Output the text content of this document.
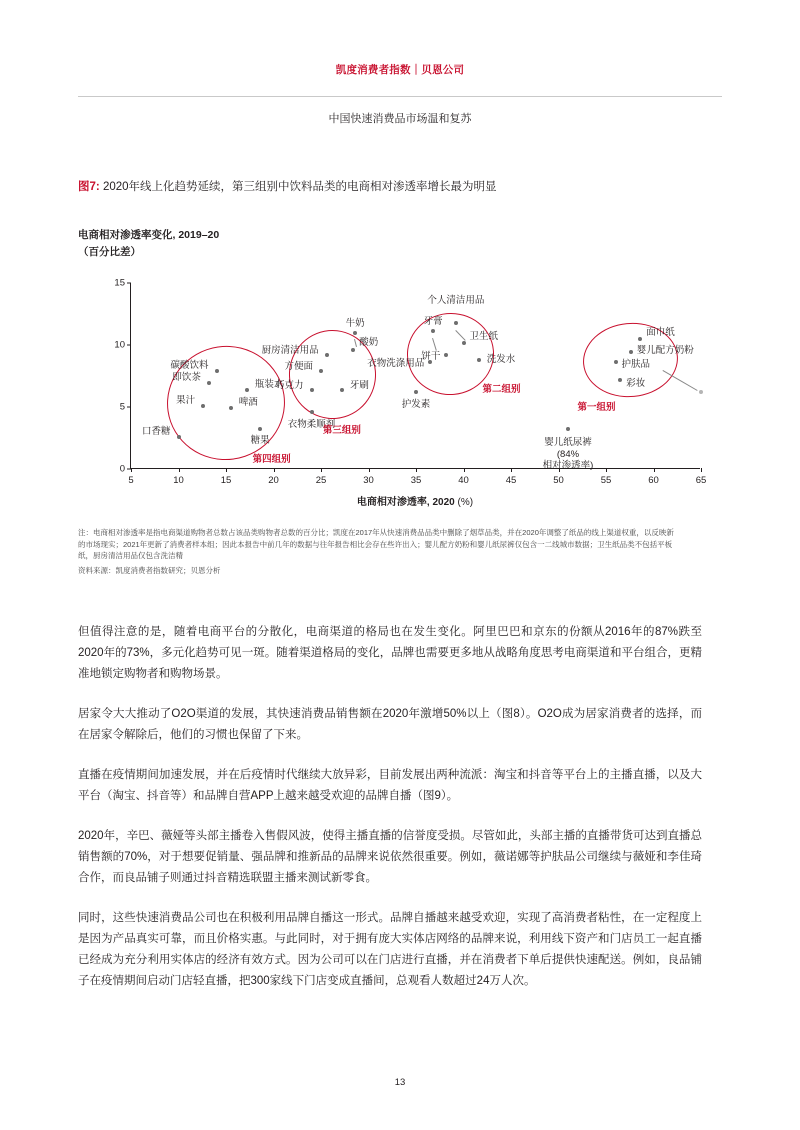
凯度消费者指数｜贝恩公司
中国快速消费品市场温和复苏
图7: 2020年线上化趋势延续，第三组别中饮料品类的电商相对渗透率增长最为明显
电商相对渗透率变化, 2019–20
（百分比差）
0
5
10
15
5	10	15	20	25	30	35	40	45	50	55	60	65
口香糖
果汁
即饮茶
碳酸饮料
啤酒
瓶装水
糖果
衣物柔顺剂
巧克力
方便面
厨房清洁用品
牙刷
酸奶
牛奶
护发素
衣物洗涤用品
牙膏
饼干
个人清洁用品
卫生纸
洗发水
婴儿纸尿裤
(84%
相对渗透率)
护肤品
彩妆
婴儿配方奶粉
面巾纸
第一组别
第二组别
第三组别
第四组别
电商相对渗透率, 2020 (%)

注：电商相对渗透率是指电商渠道购物者总数占该品类购物者总数的百分比；凯度在2017年从快速消费品品类中删除了烟草品类，并在2020年调整了纸品的线上渠道权重，以反映新的市场现实；2021年更新了消费者样本组；因此本报告中前几年的数据与往年报告相比会存在些许出入；婴儿配方奶粉和婴儿纸尿裤仅包含一二线城市数据；卫生纸品类不包括平板纸，厨房清洁用品仅包含洗洁精

资料来源：凯度消费者指数研究；贝恩分析

但值得注意的是，随着电商平台的分散化，电商渠道的格局也在发生变化。阿里巴巴和京东的份额从2016年的87%跌至2020年的73%，多元化趋势可见一斑。随着渠道格局的变化，品牌也需要更多地从战略角度思考电商渠道和平台组合，更精准地锁定购物者和购物场景。

居家令大大推动了O2O渠道的发展，其快速消费品销售额在2020年激增50%以上（图8）。O2O成为居家消费者的选择，而在居家令解除后，他们的习惯也保留了下来。

直播在疫情期间加速发展，并在后疫情时代继续大放异彩，目前发展出两种流派：淘宝和抖音等平台上的主播直播，以及大平台（淘宝、抖音等）和品牌自营APP上越来越受欢迎的品牌自播（图9）。

2020年，辛巴、薇娅等头部主播卷入售假风波，使得主播直播的信誉度受损。尽管如此，头部主播的直播带货可达到直播总销售额的70%，对于想要促销量、强品牌和推新品的品牌来说依然很重要。例如，薇诺娜等护肤品公司继续与薇娅和李佳琦合作，而良品铺子则通过抖音精选联盟主播来测试新零食。

同时，这些快速消费品公司也在积极利用品牌自播这一形式。品牌自播越来越受欢迎，实现了高消费者粘性，在一定程度上是因为产品真实可靠，而且价格实惠。与此同时，对于拥有庞大实体店网络的品牌来说，利用线下资产和门店员工一起直播已经成为充分利用实体店的经济有效方式。因为公司可以在门店进行直播，并在消费者下单后提供快速配送。例如，良品铺子在疫情期间启动门店轻直播，把300家线下门店变成直播间，总观看人数超过24万人次。

13
